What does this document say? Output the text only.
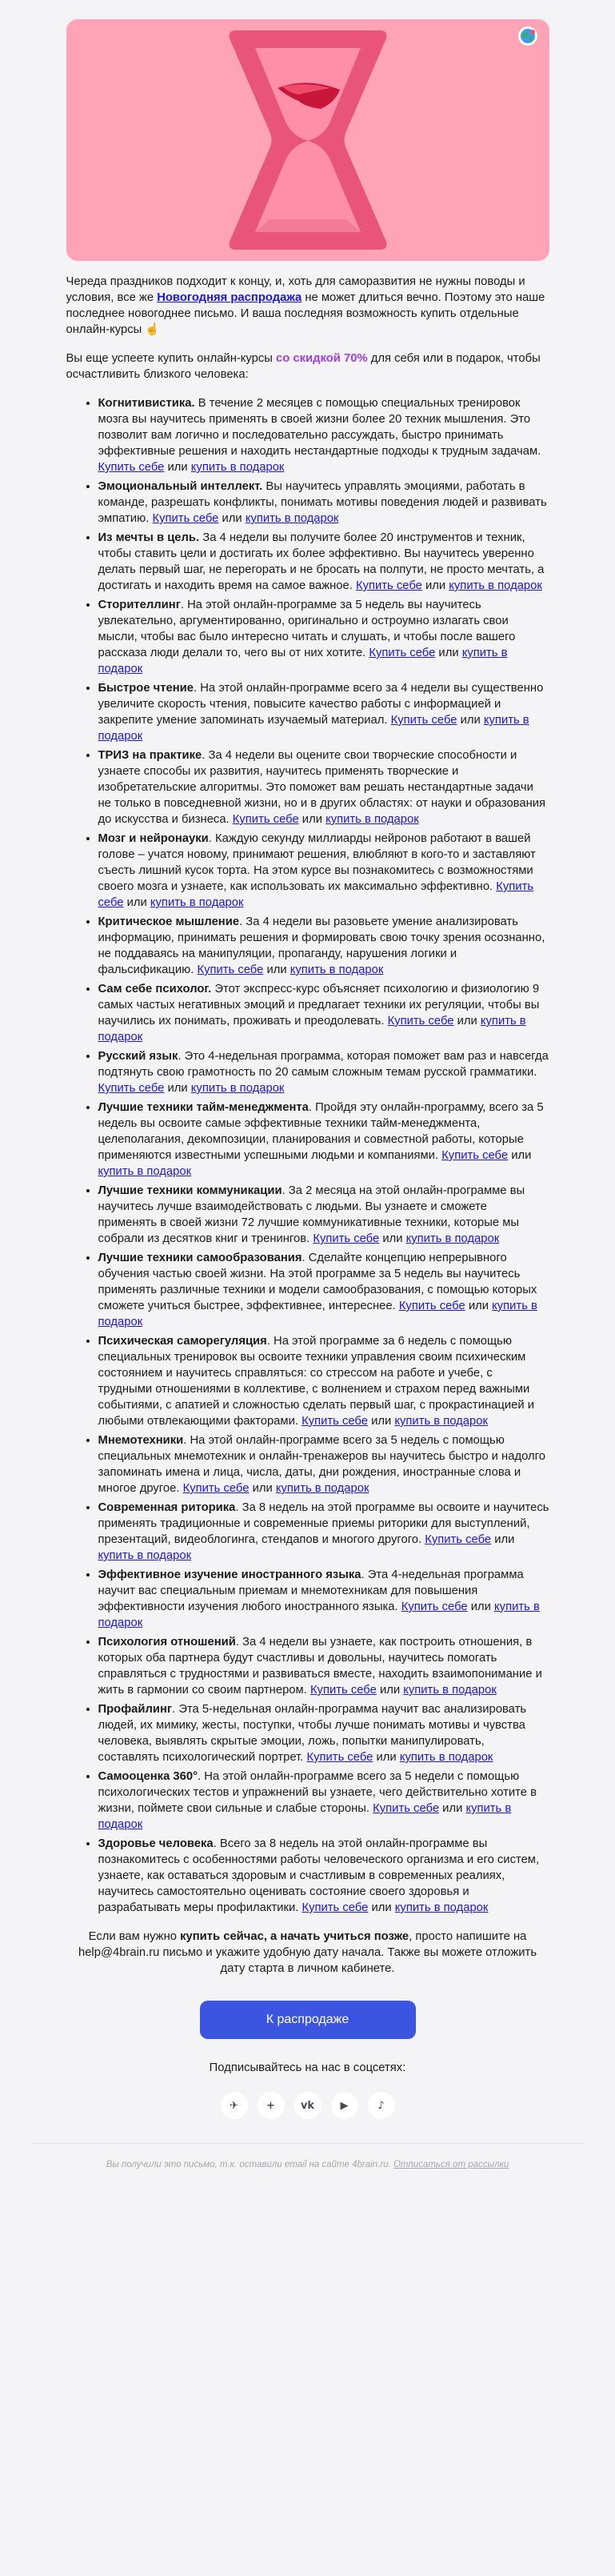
Череда праздников подходит к концу, и, хоть для саморазвития не нужны поводы и условия, все же Новогодняя распродажа не может длиться вечно. Поэтому это наше последнее новогоднее письмо. И ваша последняя возможность купить отдельные онлайн-курсы ☝️

Вы еще успеете купить онлайн-курсы со скидкой 70% для себя или в подарок, чтобы осчастливить близкого человека:

• Когнитивистика. В течение 2 месяцев с помощью специальных тренировок мозга вы научитесь применять в своей жизни более 20 техник мышления. Это позволит вам логично и последовательно рассуждать, быстро принимать эффективные решения и находить нестандартные подходы к трудным задачам. Купить себе или купить в подарок
• Эмоциональный интеллект. Вы научитесь управлять эмоциями, работать в команде, разрешать конфликты, понимать мотивы поведения людей и развивать эмпатию. Купить себе или купить в подарок
• Из мечты в цель. За 4 недели вы получите более 20 инструментов и техник, чтобы ставить цели и достигать их более эффективно. Вы научитесь уверенно делать первый шаг, не перегорать и не бросать на полпути, не просто мечтать, а достигать и находить время на самое важное. Купить себе или купить в подарок
• Сторителлинг. На этой онлайн-программе за 5 недель вы научитесь увлекательно, аргументированно, оригинально и остроумно излагать свои мысли, чтобы вас было интересно читать и слушать, и чтобы после вашего рассказа люди делали то, чего вы от них хотите. Купить себе или купить в подарок
• Быстрое чтение. На этой онлайн-программе всего за 4 недели вы существенно увеличите скорость чтения, повысите качество работы с информацией и закрепите умение запоминать изучаемый материал. Купить себе или купить в подарок
• ТРИЗ на практике. За 4 недели вы оцените свои творческие способности и узнаете способы их развития, научитесь применять творческие и изобретательские алгоритмы. Это поможет вам решать нестандартные задачи не только в повседневной жизни, но и в других областях: от науки и образования до искусства и бизнеса. Купить себе или купить в подарок
• Мозг и нейронауки. Каждую секунду миллиарды нейронов работают в вашей голове – учатся новому, принимают решения, влюбляют в кого-то и заставляют съесть лишний кусок торта. На этом курсе вы познакомитесь с возможностями своего мозга и узнаете, как использовать их максимально эффективно. Купить себе или купить в подарок
• Критическое мышление. За 4 недели вы разовьете умение анализировать информацию, принимать решения и формировать свою точку зрения осознанно, не поддаваясь на манипуляции, пропаганду, нарушения логики и фальсификацию. Купить себе или купить в подарок
• Сам себе психолог. Этот экспресс-курс объясняет психологию и физиологию 9 самых частых негативных эмоций и предлагает техники их регуляции, чтобы вы научились их понимать, проживать и преодолевать. Купить себе или купить в подарок
• Русский язык. Это 4-недельная программа, которая поможет вам раз и навсегда подтянуть свою грамотность по 20 самым сложным темам русской грамматики. Купить себе или купить в подарок
• Лучшие техники тайм-менеджмента. Пройдя эту онлайн-программу, всего за 5 недель вы освоите самые эффективные техники тайм-менеджмента, целеполагания, декомпозиции, планирования и совместной работы, которые применяются известными успешными людьми и компаниями. Купить себе или купить в подарок
• Лучшие техники коммуникации. За 2 месяца на этой онлайн-программе вы научитесь лучше взаимодействовать с людьми. Вы узнаете и сможете применять в своей жизни 72 лучшие коммуникативные техники, которые мы собрали из десятков книг и тренингов. Купить себе или купить в подарок
• Лучшие техники самообразования. Сделайте концепцию непрерывного обучения частью своей жизни. На этой программе за 5 недель вы научитесь применять различные техники и модели самообразования, с помощью которых сможете учиться быстрее, эффективнее, интереснее. Купить себе или купить в подарок
• Психическая саморегуляция. На этой программе за 6 недель с помощью специальных тренировок вы освоите техники управления своим психическим состоянием и научитесь справляться: со стрессом на работе и учебе, с трудными отношениями в коллективе, с волнением и страхом перед важными событиями, с апатией и сложностью сделать первый шаг, с прокрастинацией и любыми отвлекающими факторами. Купить себе или купить в подарок
• Мнемотехники. На этой онлайн-программе всего за 5 недель с помощью специальных мнемотехник и онлайн-тренажеров вы научитесь быстро и надолго запоминать имена и лица, числа, даты, дни рождения, иностранные слова и многое другое. Купить себе или купить в подарок
• Современная риторика. За 8 недель на этой программе вы освоите и научитесь применять традиционные и современные приемы риторики для выступлений, презентаций, видеоблогинга, стендапов и многого другого. Купить себе или купить в подарок
• Эффективное изучение иностранного языка. Эта 4-недельная программа научит вас специальным приемам и мнемотехникам для повышения эффективности изучения любого иностранного языка. Купить себе или купить в подарок
• Психология отношений. За 4 недели вы узнаете, как построить отношения, в которых оба партнера будут счастливы и довольны, научитесь помогать справляться с трудностями и развиваться вместе, находить взаимопонимание и жить в гармонии со своим партнером. Купить себе или купить в подарок
• Профайлинг. Эта 5-недельная онлайн-программа научит вас анализировать людей, их мимику, жесты, поступки, чтобы лучше понимать мотивы и чувства человека, выявлять скрытые эмоции, ложь, попытки манипулировать, составлять психологический портрет. Купить себе или купить в подарок
• Самооценка 360°. На этой онлайн-программе всего за 5 недели с помощью психологических тестов и упражнений вы узнаете, чего действительно хотите в жизни, поймете свои сильные и слабые стороны. Купить себе или купить в подарок
• Здоровье человека. Всего за 8 недель на этой онлайн-программе вы познакомитесь с особенностями работы человеческого организма и его систем, узнаете, как оставаться здоровым и счастливым в современных реалиях, научитесь самостоятельно оценивать состояние своего здоровья и разрабатывать меры профилактики. Купить себе или купить в подарок
Если вам нужно купить сейчас, а начать учиться позже, просто напишите на help@4brain.ru письмо и укажите удобную дату начала. Также вы можете отложить дату старта в личном кабинете.
К распродаже
Подписывайтесь на нас в соцсетях:
✈	+	vk	▶	♪
Вы получили это письмо, т.к. оставили email на сайте 4brain.ru. Отписаться от рассылки
